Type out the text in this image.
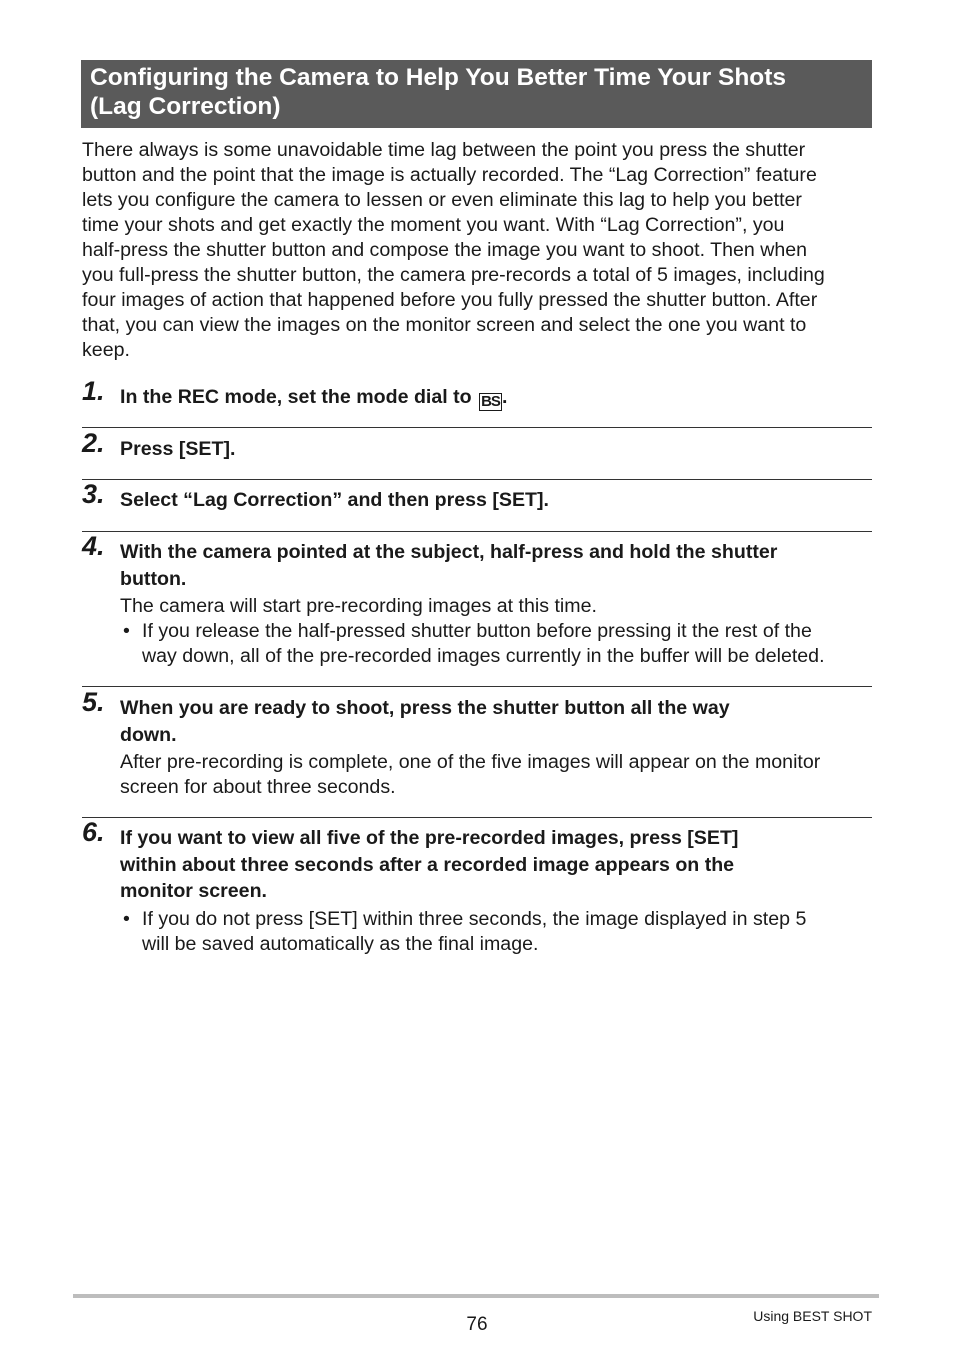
Configuring the Camera to Help You Better Time Your Shots
(Lag Correction)

There always is some unavoidable time lag between the point you press the shutter
button and the point that the image is actually recorded. The “Lag Correction” feature
lets you configure the camera to lessen or even eliminate this lag to help you better
time your shots and get exactly the moment you want. With “Lag Correction”, you
half-press the shutter button and compose the image you want to shoot. Then when
you full-press the shutter button, the camera pre-records a total of 5 images, including
four images of action that happened before you fully pressed the shutter button. After
that, you can view the images on the monitor screen and select the one you want to
keep.

1. In the REC mode, set the mode dial to BS .

2. Press [SET].

3. Select “Lag Correction” and then press [SET].

4. With the camera pointed at the subject, half-press and hold the shutter
button.

The camera will start pre-recording images at this time.

• If you release the half-pressed shutter button before pressing it the rest of the
way down, all of the pre-recorded images currently in the buffer will be deleted.

5. When you are ready to shoot, press the shutter button all the way
down.

After pre-recording is complete, one of the five images will appear on the monitor
screen for about three seconds.

6. If you want to view all five of the pre-recorded images, press [SET]
within about three seconds after a recorded image appears on the
monitor screen.

• If you do not press [SET] within three seconds, the image displayed in step 5
will be saved automatically as the final image.

76	Using BEST SHOT
